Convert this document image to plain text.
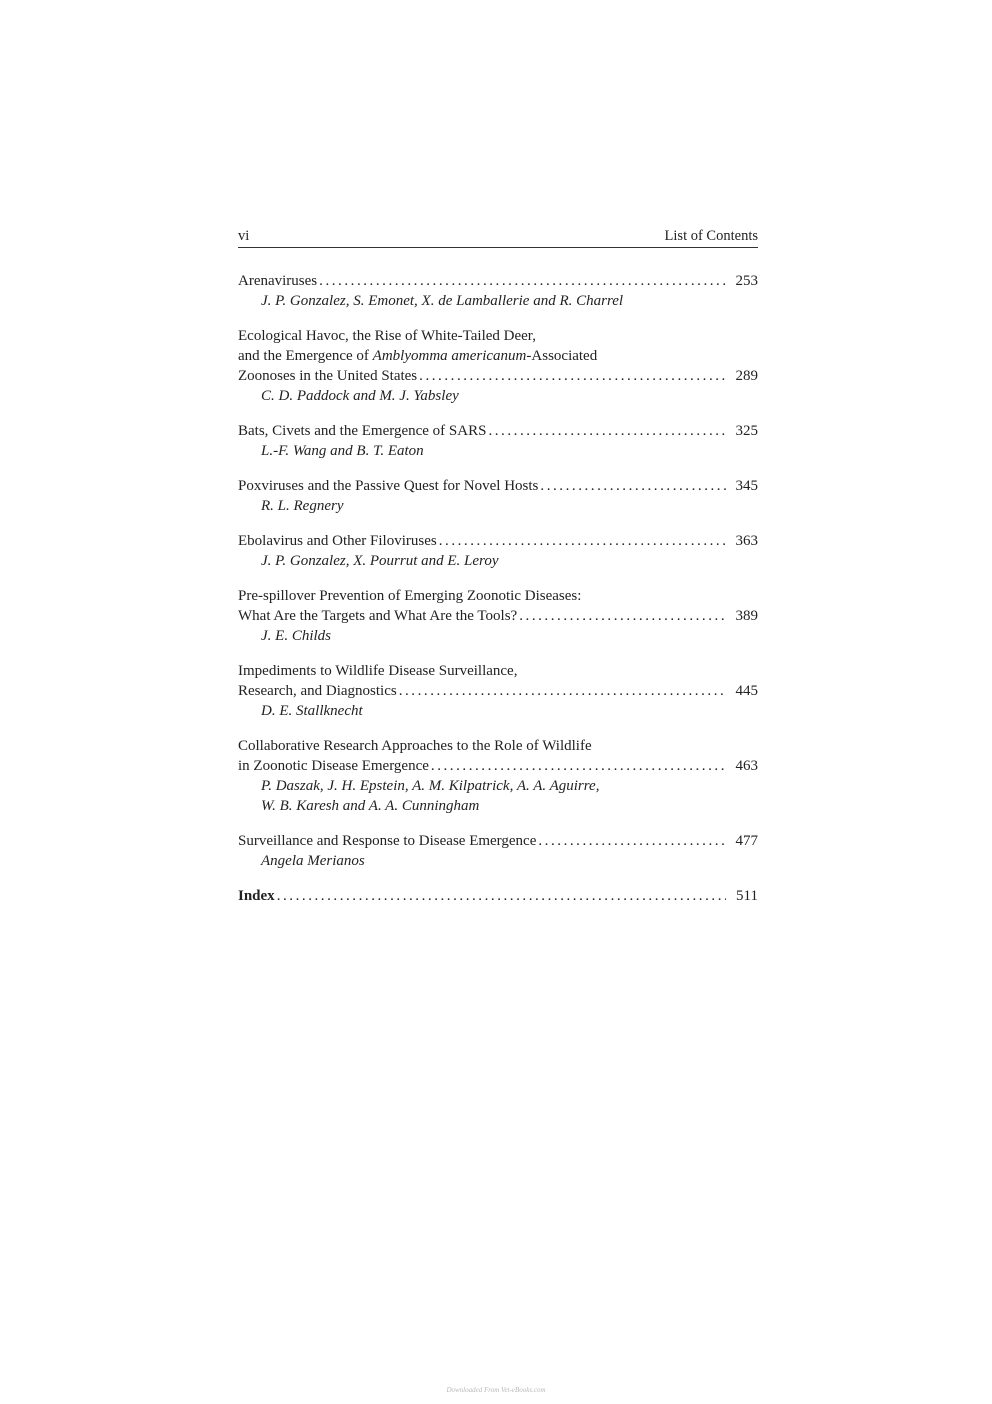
vi	List of Contents
Arenaviruses . . .	253
J. P. Gonzalez, S. Emonet, X. de Lamballerie and R. Charrel
Ecological Havoc, the Rise of White-Tailed Deer,
and the Emergence of Amblyomma americanum-Associated
Zoonoses in the United States . . .	289
C. D. Paddock and M. J. Yabsley
Bats, Civets and the Emergence of SARS . . .	325
L.-F. Wang and B. T. Eaton
Poxviruses and the Passive Quest for Novel Hosts . . .	345
R. L. Regnery
Ebolavirus and Other Filoviruses . . .	363
J. P. Gonzalez, X. Pourrut and E. Leroy
Pre-spillover Prevention of Emerging Zoonotic Diseases:
What Are the Targets and What Are the Tools? . . .	389
J. E. Childs
Impediments to Wildlife Disease Surveillance,
Research, and Diagnostics . . .	445
D. E. Stallknecht
Collaborative Research Approaches to the Role of Wildlife
in Zoonotic Disease Emergence . . .	463
P. Daszak, J. H. Epstein, A. M. Kilpatrick, A. A. Aguirre,
W. B. Karesh and A. A. Cunningham
Surveillance and Response to Disease Emergence . . .	477
Angela Merianos
Index . . .	511
Downloaded From Vet-eBooks.com
